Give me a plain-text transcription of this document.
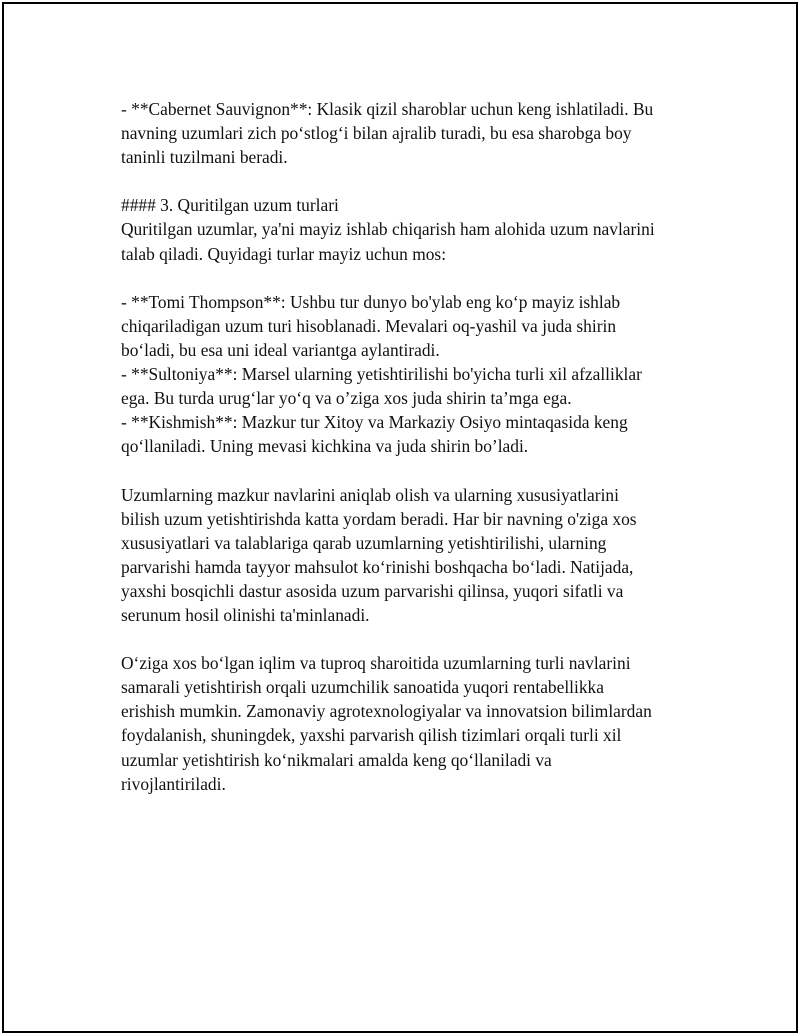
- **Cabernet Sauvignon**: Klasik qizil sharoblar uchun keng ishlatiladi. Bu
navning uzumlari zich po‘stlog‘i bilan ajralib turadi, bu esa sharobga boy
taninli tuzilmani beradi.
#### 3. Quritilgan uzum turlari
Quritilgan uzumlar, ya'ni mayiz ishlab chiqarish ham alohida uzum navlarini
talab qiladi. Quyidagi turlar mayiz uchun mos:
- **Tomi Thompson**: Ushbu tur dunyo bo'ylab eng ko‘p mayiz ishlab
chiqariladigan uzum turi hisoblanadi. Mevalari oq-yashil va juda shirin
bo‘ladi, bu esa uni ideal variantga aylantiradi.
- **Sultoniya**: Marsel ularning yetishtirilishi bo'yicha turli xil afzalliklar
ega. Bu turda urug‘lar yo‘q va o’ziga xos juda shirin ta’mga ega.
- **Kishmish**: Mazkur tur Xitoy va Markaziy Osiyo mintaqasida keng
qo‘llaniladi. Uning mevasi kichkina va juda shirin bo’ladi.
Uzumlarning mazkur navlarini aniqlab olish va ularning xususiyatlarini
bilish uzum yetishtirishda katta yordam beradi. Har bir navning o'ziga xos
xususiyatlari va talablariga qarab uzumlarning yetishtirilishi, ularning
parvarishi hamda tayyor mahsulot ko‘rinishi boshqacha bo‘ladi. Natijada,
yaxshi bosqichli dastur asosida uzum parvarishi qilinsa, yuqori sifatli va
serunum hosil olinishi ta'minlanadi.
O‘ziga xos bo‘lgan iqlim va tuproq sharoitida uzumlarning turli navlarini
samarali yetishtirish orqali uzumchilik sanoatida yuqori rentabellikka
erishish mumkin. Zamonaviy agrotexnologiyalar va innovatsion bilimlardan
foydalanish, shuningdek, yaxshi parvarish qilish tizimlari orqali turli xil
uzumlar yetishtirish ko‘nikmalari amalda keng qo‘llaniladi va
rivojlantiriladi.
